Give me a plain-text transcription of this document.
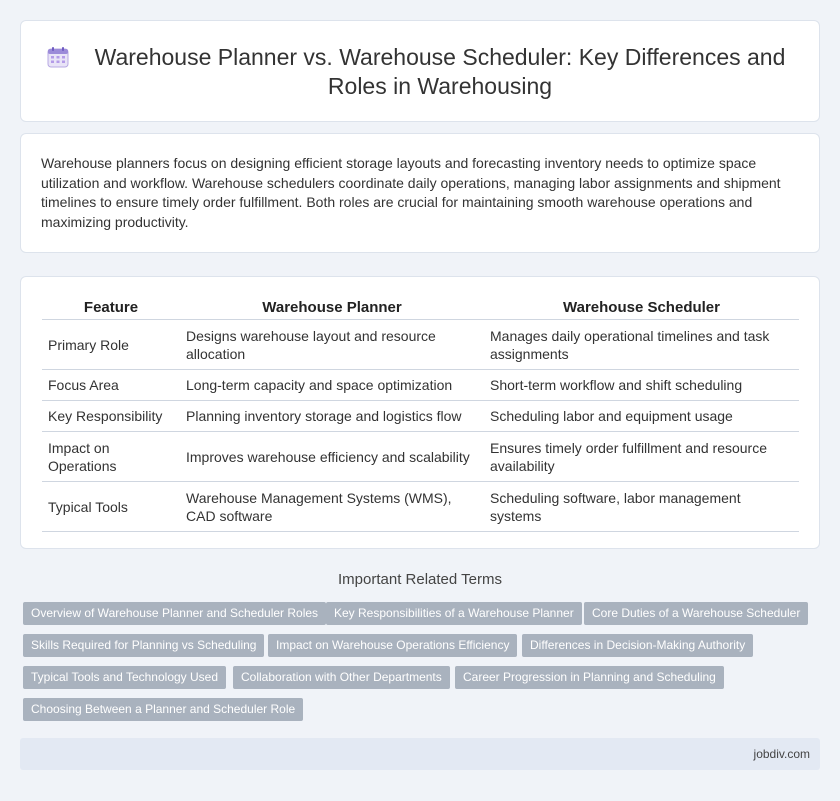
Warehouse Planner vs. Warehouse Scheduler: Key Differences and Roles in Warehousing

Warehouse planners focus on designing efficient storage layouts and forecasting inventory needs to optimize space utilization and workflow. Warehouse schedulers coordinate daily operations, managing labor assignments and shipment timelines to ensure timely order fulfillment. Both roles are crucial for maintaining smooth warehouse operations and maximizing productivity.

Feature	Warehouse Planner	Warehouse Scheduler
Primary Role	Designs warehouse layout and resource allocation	Manages daily operational timelines and task assignments
Focus Area	Long-term capacity and space optimization	Short-term workflow and shift scheduling
Key Responsibility	Planning inventory storage and logistics flow	Scheduling labor and equipment usage
Impact on Operations	Improves warehouse efficiency and scalability	Ensures timely order fulfillment and resource availability
Typical Tools	Warehouse Management Systems (WMS), CAD software	Scheduling software, labor management systems
Important Related Terms
Overview of Warehouse Planner and Scheduler Roles	Key Responsibilities of a Warehouse Planner	Core Duties of a Warehouse Scheduler
Skills Required for Planning vs Scheduling	Impact on Warehouse Operations Efficiency	Differences in Decision-Making Authority
Typical Tools and Technology Used	Collaboration with Other Departments	Career Progression in Planning and Scheduling
Choosing Between a Planner and Scheduler Role
jobdiv.com
